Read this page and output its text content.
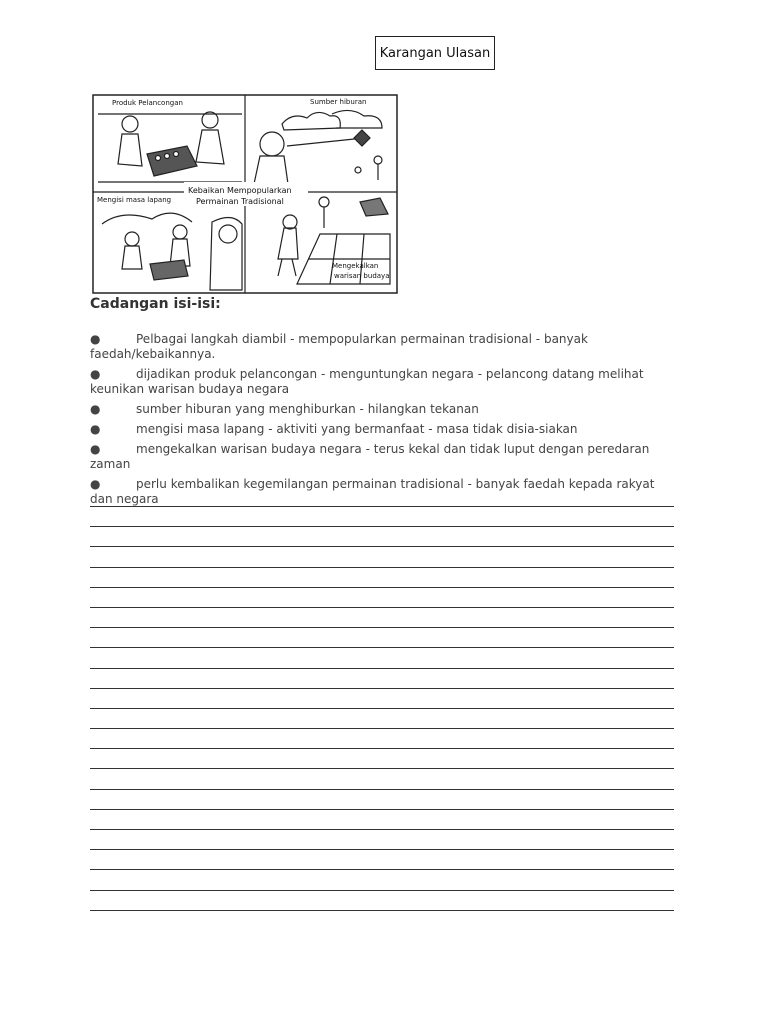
Karangan Ulasan
Produk Pelancongan	Sumber hiburan
Kebaikan Mempopularkan
Permainan Tradisional
Mengisi masa lapang
Mengekalkan
warisan budaya
Cadangan isi-isi:
●	Pelbagai langkah diambil - mempopularkan permainan tradisional - banyak faedah/kebaikannya.
●	dijadikan produk pelancongan - menguntungkan negara - pelancong datang melihat keunikan warisan budaya negara
●	sumber hiburan yang menghiburkan - hilangkan tekanan
●	mengisi masa lapang - aktiviti yang bermanfaat - masa tidak disia-siakan
●	mengekalkan warisan budaya negara - terus kekal dan tidak luput dengan peredaran zaman
●	perlu kembalikan kegemilangan permainan tradisional - banyak faedah kepada rakyat dan negara
